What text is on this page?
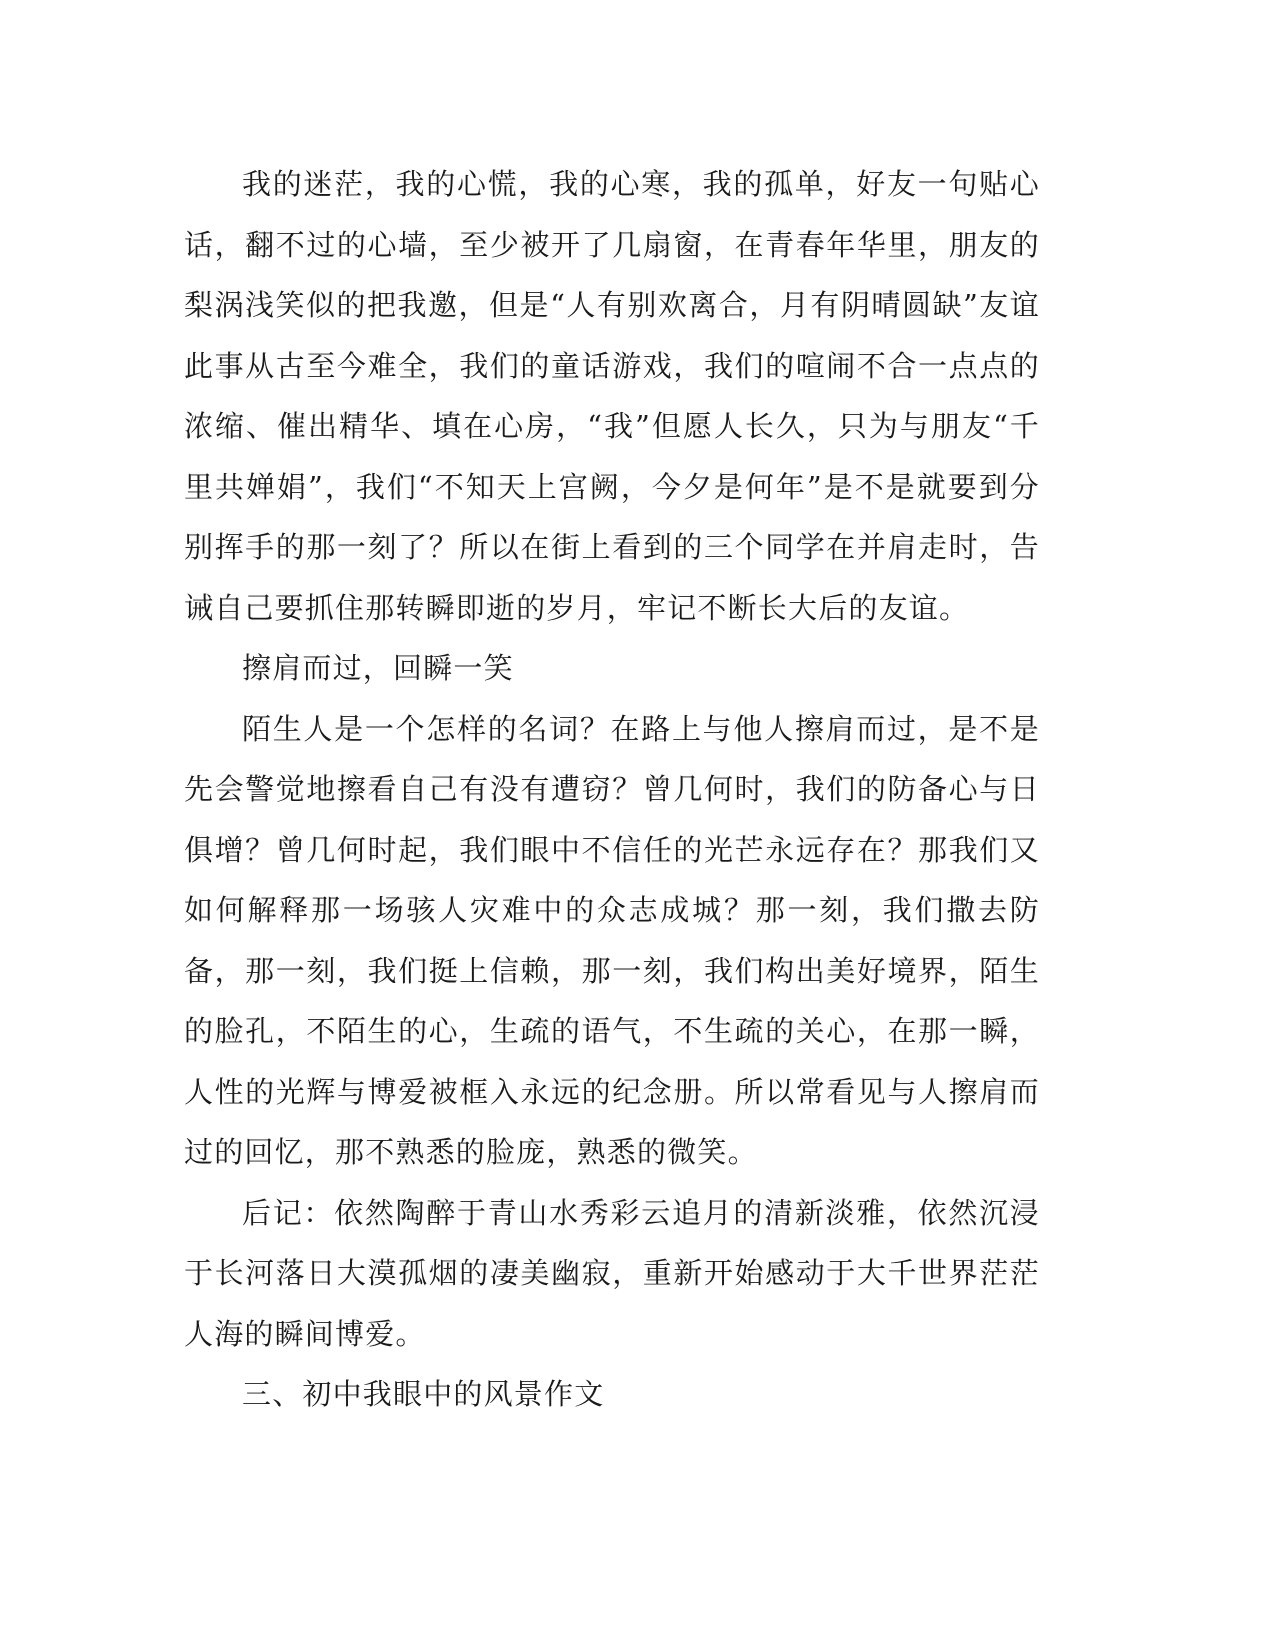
我的迷茫，我的心慌，我的心寒，我的孤单，好友一句贴心话，翻不过的心墙，至少被开了几扇窗，在青春年华里，朋友的梨涡浅笑似的把我邀，但是“人有别欢离合，月有阴晴圆缺”友谊此事从古至今难全，我们的童话游戏，我们的喧闹不合一点点的浓缩、催出精华、填在心房，“我”但愿人长久，只为与朋友“千里共婵娟”，我们“不知天上宫阙，今夕是何年”是不是就要到分别挥手的那一刻了？所以在街上看到的三个同学在并肩走时，告诫自己要抓住那转瞬即逝的岁月，牢记不断长大后的友谊。

擦肩而过，回瞬一笑

陌生人是一个怎样的名词？在路上与他人擦肩而过，是不是先会警觉地擦看自己有没有遭窃？曾几何时，我们的防备心与日俱增？曾几何时起，我们眼中不信任的光芒永远存在？那我们又如何解释那一场骇人灾难中的众志成城？那一刻，我们撒去防备，那一刻，我们挺上信赖，那一刻，我们构出美好境界，陌生的脸孔，不陌生的心，生疏的语气，不生疏的关心，在那一瞬，人性的光辉与博爱被框入永远的纪念册。所以常看见与人擦肩而过的回忆，那不熟悉的脸庞，熟悉的微笑。

后记：依然陶醉于青山水秀彩云追月的清新淡雅，依然沉浸于长河落日大漠孤烟的凄美幽寂，重新开始感动于大千世界茫茫人海的瞬间博爱。

三、初中我眼中的风景作文
